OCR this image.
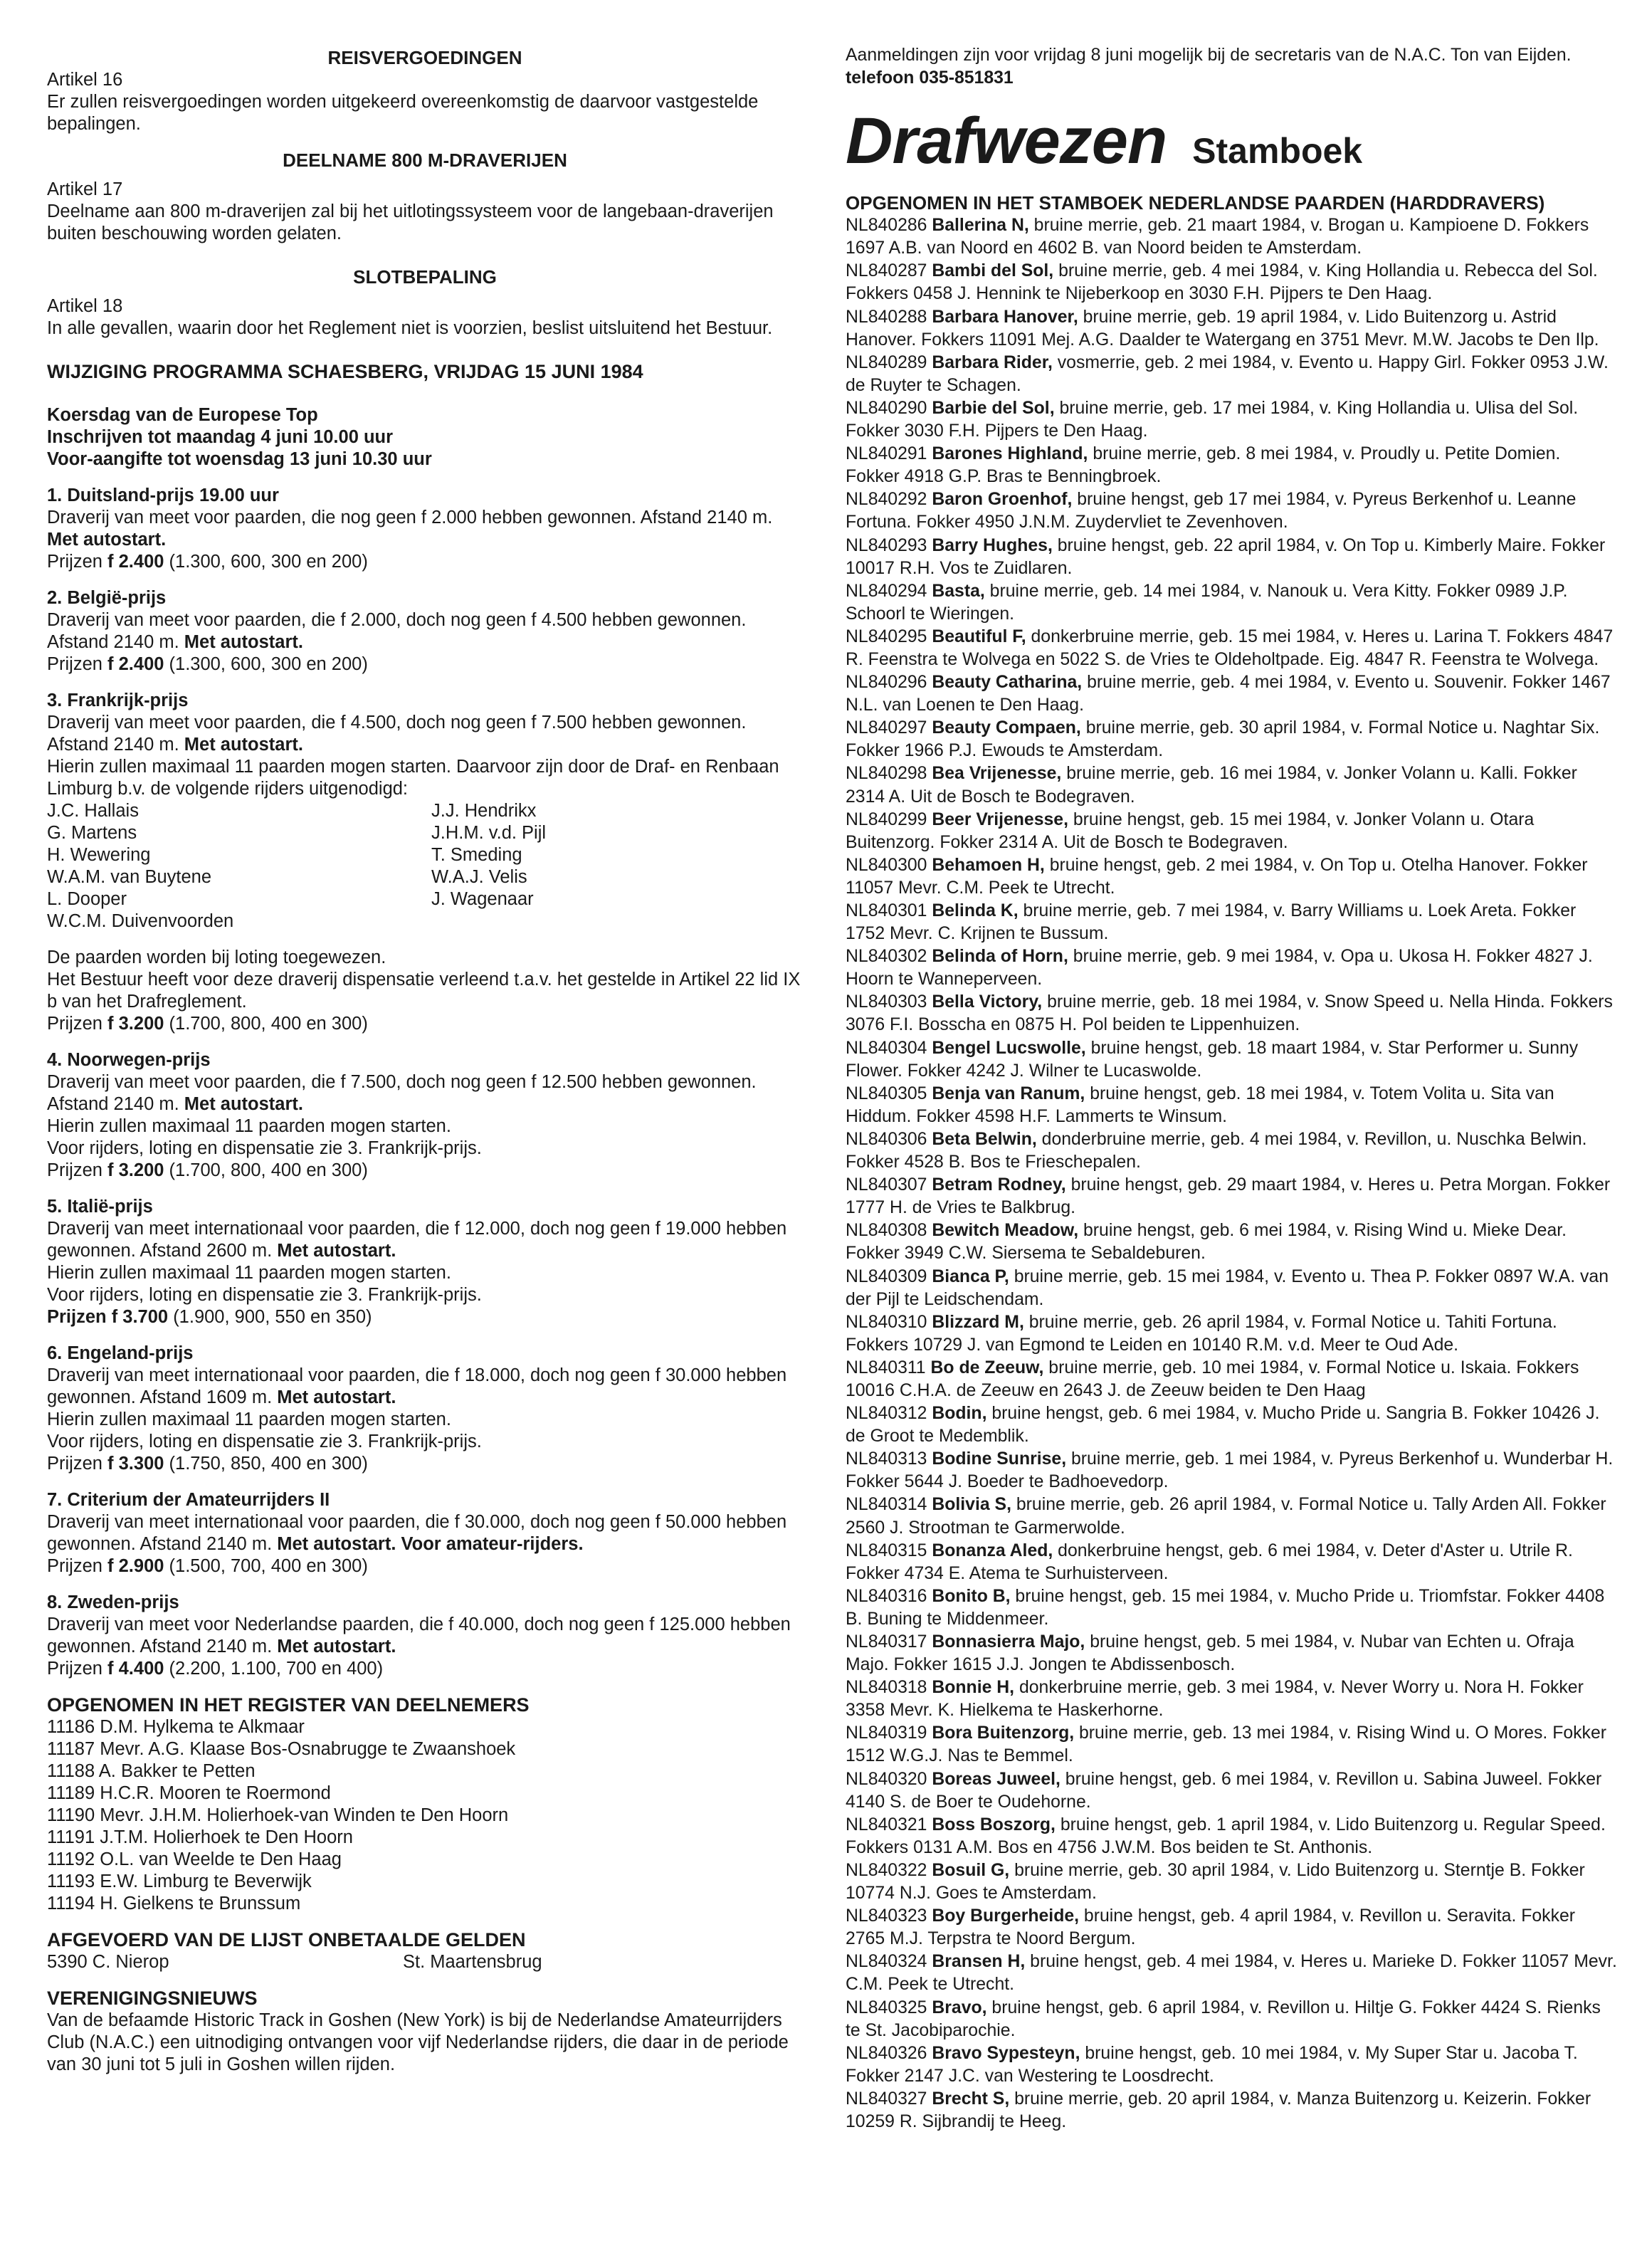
REISVERGOEDINGEN

Artikel 16

Er zullen reisvergoedingen worden uitgekeerd overeenkomstig de daarvoor vastgestelde bepalingen.

DEELNAME 800 M-DRAVERIJEN

Artikel 17

Deelname aan 800 m-draverijen zal bij het uitlotingssysteem voor de langebaan-draverijen buiten beschouwing worden gelaten.

SLOTBEPALING

Artikel 18

In alle gevallen, waarin door het Reglement niet is voorzien, beslist uitsluitend het Bestuur.

WIJZIGING PROGRAMMA SCHAESBERG, VRIJDAG 15 JUNI 1984

Koersdag van de Europese Top

Inschrijven tot maandag 4 juni 10.00 uur

Voor-aangifte tot woensdag 13 juni 10.30 uur

1. Duitsland-prijs 19.00 uur

Draverij van meet voor paarden, die nog geen f 2.000 hebben gewonnen. Afstand 2140 m. Met autostart.

Prijzen f 2.400 (1.300, 600, 300 en 200)

2. België-prijs

Draverij van meet voor paarden, die f 2.000, doch nog geen f 4.500 hebben gewonnen. Afstand 2140 m. Met autostart.

Prijzen f 2.400 (1.300, 600, 300 en 200)

3. Frankrijk-prijs

Draverij van meet voor paarden, die f 4.500, doch nog geen f 7.500 hebben gewonnen. Afstand 2140 m. Met autostart.

Hierin zullen maximaal 11 paarden mogen starten. Daarvoor zijn door de Draf- en Renbaan Limburg b.v. de volgende rijders uitgenodigd:

J.C. Hallais
G. Martens
H. Wewering
W.A.M. van Buytene
L. Dooper
W.C.M. Duivenvoorden
J.J. Hendrikx
J.H.M. v.d. Pijl
T. Smeding
W.A.J. Velis
J. Wagenaar

De paarden worden bij loting toegewezen.

Het Bestuur heeft voor deze draverij dispensatie verleend t.a.v. het gestelde in Artikel 22 lid IX b van het Drafreglement.

Prijzen f 3.200 (1.700, 800, 400 en 300)

4. Noorwegen-prijs

Draverij van meet voor paarden, die f 7.500, doch nog geen f 12.500 hebben gewonnen. Afstand 2140 m. Met autostart.

Hierin zullen maximaal 11 paarden mogen starten.

Voor rijders, loting en dispensatie zie 3. Frankrijk-prijs.

Prijzen f 3.200 (1.700, 800, 400 en 300)

5. Italië-prijs

Draverij van meet internationaal voor paarden, die f 12.000, doch nog geen f 19.000 hebben gewonnen. Afstand 2600 m. Met autostart.

Hierin zullen maximaal 11 paarden mogen starten.

Voor rijders, loting en dispensatie zie 3. Frankrijk-prijs.

Prijzen f 3.700 (1.900, 900, 550 en 350)

6. Engeland-prijs

Draverij van meet internationaal voor paarden, die f 18.000, doch nog geen f 30.000 hebben gewonnen. Afstand 1609 m. Met autostart.

Hierin zullen maximaal 11 paarden mogen starten.

Voor rijders, loting en dispensatie zie 3. Frankrijk-prijs.

Prijzen f 3.300 (1.750, 850, 400 en 300)

7. Criterium der Amateurrijders II

Draverij van meet internationaal voor paarden, die f 30.000, doch nog geen f 50.000 hebben gewonnen. Afstand 2140 m. Met autostart. Voor amateur-rijders.

Prijzen f 2.900 (1.500, 700, 400 en 300)

8. Zweden-prijs

Draverij van meet voor Nederlandse paarden, die f 40.000, doch nog geen f 125.000 hebben gewonnen. Afstand 2140 m. Met autostart.

Prijzen f 4.400 (2.200, 1.100, 700 en 400)

OPGENOMEN IN HET REGISTER VAN DEELNEMERS

11186 D.M. Hylkema te Alkmaar
11187 Mevr. A.G. Klaase Bos-Osnabrugge te Zwaanshoek
11188 A. Bakker te Petten
11189 H.C.R. Mooren te Roermond
11190 Mevr. J.H.M. Holierhoek-van Winden te Den Hoorn
11191 J.T.M. Holierhoek te Den Hoorn
11192 O.L. van Weelde te Den Haag
11193 E.W. Limburg te Beverwijk
11194 H. Gielkens te Brunssum

AFGEVOERD VAN DE LIJST ONBETAALDE GELDEN

5390 C. Nierop	St. Maartensbrug

VERENIGINGSNIEUWS

Van de befaamde Historic Track in Goshen (New York) is bij de Nederlandse Amateurrijders Club (N.A.C.) een uitnodiging ontvangen voor vijf Nederlandse rijders, die daar in de periode van 30 juni tot 5 juli in Goshen willen rijden.

Aanmeldingen zijn voor vrijdag 8 juni mogelijk bij de secretaris van de N.A.C. Ton van Eijden. telefoon 035-851831

Drafwezen Stamboek

OPGENOMEN IN HET STAMBOEK NEDERLANDSE PAARDEN (HARDDRAVERS)

NL840286 Ballerina N, bruine merrie, geb. 21 maart 1984, v. Brogan u. Kampioene D. Fokkers 1697 A.B. van Noord en 4602 B. van Noord beiden te Amsterdam.

NL840287 Bambi del Sol, bruine merrie, geb. 4 mei 1984, v. King Hollandia u. Rebecca del Sol. Fokkers 0458 J. Hennink te Nijeberkoop en 3030 F.H. Pijpers te Den Haag.

NL840288 Barbara Hanover, bruine merrie, geb. 19 april 1984, v. Lido Buitenzorg u. Astrid Hanover. Fokkers 11091 Mej. A.G. Daalder te Watergang en 3751 Mevr. M.W. Jacobs te Den Ilp.

NL840289 Barbara Rider, vosmerrie, geb. 2 mei 1984, v. Evento u. Happy Girl. Fokker 0953 J.W. de Ruyter te Schagen.

NL840290 Barbie del Sol, bruine merrie, geb. 17 mei 1984, v. King Hollandia u. Ulisa del Sol. Fokker 3030 F.H. Pijpers te Den Haag.

NL840291 Barones Highland, bruine merrie, geb. 8 mei 1984, v. Proudly u. Petite Domien. Fokker 4918 G.P. Bras te Benningbroek.

NL840292 Baron Groenhof, bruine hengst, geb 17 mei 1984, v. Pyreus Berkenhof u. Leanne Fortuna. Fokker 4950 J.N.M. Zuydervliet te Zevenhoven.

NL840293 Barry Hughes, bruine hengst, geb. 22 april 1984, v. On Top u. Kimberly Maire. Fokker 10017 R.H. Vos te Zuidlaren.

NL840294 Basta, bruine merrie, geb. 14 mei 1984, v. Nanouk u. Vera Kitty. Fokker 0989 J.P. Schoorl te Wieringen.

NL840295 Beautiful F, donkerbruine merrie, geb. 15 mei 1984, v. Heres u. Larina T. Fokkers 4847 R. Feenstra te Wolvega en 5022 S. de Vries te Oldeholtpade. Eig. 4847 R. Feenstra te Wolvega.

NL840296 Beauty Catharina, bruine merrie, geb. 4 mei 1984, v. Evento u. Souvenir. Fokker 1467 N.L. van Loenen te Den Haag.

NL840297 Beauty Compaen, bruine merrie, geb. 30 april 1984, v. Formal Notice u. Naghtar Six. Fokker 1966 P.J. Ewouds te Amsterdam.

NL840298 Bea Vrijenesse, bruine merrie, geb. 16 mei 1984, v. Jonker Volann u. Kalli. Fokker 2314 A. Uit de Bosch te Bodegraven.

NL840299 Beer Vrijenesse, bruine hengst, geb. 15 mei 1984, v. Jonker Volann u. Otara Buitenzorg. Fokker 2314 A. Uit de Bosch te Bodegraven.

NL840300 Behamoen H, bruine hengst, geb. 2 mei 1984, v. On Top u. Otelha Hanover. Fokker 11057 Mevr. C.M. Peek te Utrecht.

NL840301 Belinda K, bruine merrie, geb. 7 mei 1984, v. Barry Williams u. Loek Areta. Fokker 1752 Mevr. C. Krijnen te Bussum.

NL840302 Belinda of Horn, bruine merrie, geb. 9 mei 1984, v. Opa u. Ukosa H. Fokker 4827 J. Hoorn te Wanneperveen.

NL840303 Bella Victory, bruine merrie, geb. 18 mei 1984, v. Snow Speed u. Nella Hinda. Fokkers 3076 F.I. Bosscha en 0875 H. Pol beiden te Lippenhuizen.

NL840304 Bengel Lucswolle, bruine hengst, geb. 18 maart 1984, v. Star Performer u. Sunny Flower. Fokker 4242 J. Wilner te Lucaswolde.

NL840305 Benja van Ranum, bruine hengst, geb. 18 mei 1984, v. Totem Volita u. Sita van Hiddum. Fokker 4598 H.F. Lammerts te Winsum.

NL840306 Beta Belwin, donderbruine merrie, geb. 4 mei 1984, v. Revillon, u. Nuschka Belwin. Fokker 4528 B. Bos te Frieschepalen.

NL840307 Betram Rodney, bruine hengst, geb. 29 maart 1984, v. Heres u. Petra Morgan. Fokker 1777 H. de Vries te Balkbrug.

NL840308 Bewitch Meadow, bruine hengst, geb. 6 mei 1984, v. Rising Wind u. Mieke Dear. Fokker 3949 C.W. Siersema te Sebaldeburen.

NL840309 Bianca P, bruine merrie, geb. 15 mei 1984, v. Evento u. Thea P. Fokker 0897 W.A. van der Pijl te Leidschendam.

NL840310 Blizzard M, bruine merrie, geb. 26 april 1984, v. Formal Notice u. Tahiti Fortuna. Fokkers 10729 J. van Egmond te Leiden en 10140 R.M. v.d. Meer te Oud Ade.

NL840311 Bo de Zeeuw, bruine merrie, geb. 10 mei 1984, v. Formal Notice u. Iskaia. Fokkers 10016 C.H.A. de Zeeuw en 2643 J. de Zeeuw beiden te Den Haag

NL840312 Bodin, bruine hengst, geb. 6 mei 1984, v. Mucho Pride u. Sangria B. Fokker 10426 J. de Groot te Medemblik.

NL840313 Bodine Sunrise, bruine merrie, geb. 1 mei 1984, v. Pyreus Berkenhof u. Wunderbar H. Fokker 5644 J. Boeder te Badhoevedorp.

NL840314 Bolivia S, bruine merrie, geb. 26 april 1984, v. Formal Notice u. Tally Arden All. Fokker 2560 J. Strootman te Garmerwolde.

NL840315 Bonanza Aled, donkerbruine hengst, geb. 6 mei 1984, v. Deter d'Aster u. Utrile R. Fokker 4734 E. Atema te Surhuisterveen.

NL840316 Bonito B, bruine hengst, geb. 15 mei 1984, v. Mucho Pride u. Triomfstar. Fokker 4408 B. Buning te Middenmeer.

NL840317 Bonnasierra Majo, bruine hengst, geb. 5 mei 1984, v. Nubar van Echten u. Ofraja Majo. Fokker 1615 J.J. Jongen te Abdissenbosch.

NL840318 Bonnie H, donkerbruine merrie, geb. 3 mei 1984, v. Never Worry u. Nora H. Fokker 3358 Mevr. K. Hielkema te Haskerhorne.

NL840319 Bora Buitenzorg, bruine merrie, geb. 13 mei 1984, v. Rising Wind u. O Mores. Fokker 1512 W.G.J. Nas te Bemmel.

NL840320 Boreas Juweel, bruine hengst, geb. 6 mei 1984, v. Revillon u. Sabina Juweel. Fokker 4140 S. de Boer te Oudehorne.

NL840321 Boss Boszorg, bruine hengst, geb. 1 april 1984, v. Lido Buitenzorg u. Regular Speed. Fokkers 0131 A.M. Bos en 4756 J.W.M. Bos beiden te St. Anthonis.

NL840322 Bosuil G, bruine merrie, geb. 30 april 1984, v. Lido Buitenzorg u. Sterntje B. Fokker 10774 N.J. Goes te Amsterdam.

NL840323 Boy Burgerheide, bruine hengst, geb. 4 april 1984, v. Revillon u. Seravita. Fokker 2765 M.J. Terpstra te Noord Bergum.

NL840324 Bransen H, bruine hengst, geb. 4 mei 1984, v. Heres u. Marieke D. Fokker 11057 Mevr. C.M. Peek te Utrecht.

NL840325 Bravo, bruine hengst, geb. 6 april 1984, v. Revillon u. Hiltje G. Fokker 4424 S. Rienks te St. Jacobiparochie.

NL840326 Bravo Sypesteyn, bruine hengst, geb. 10 mei 1984, v. My Super Star u. Jacoba T. Fokker 2147 J.C. van Westering te Loosdrecht.

NL840327 Brecht S, bruine merrie, geb. 20 april 1984, v. Manza Buitenzorg u. Keizerin. Fokker 10259 R. Sijbrandij te Heeg.
